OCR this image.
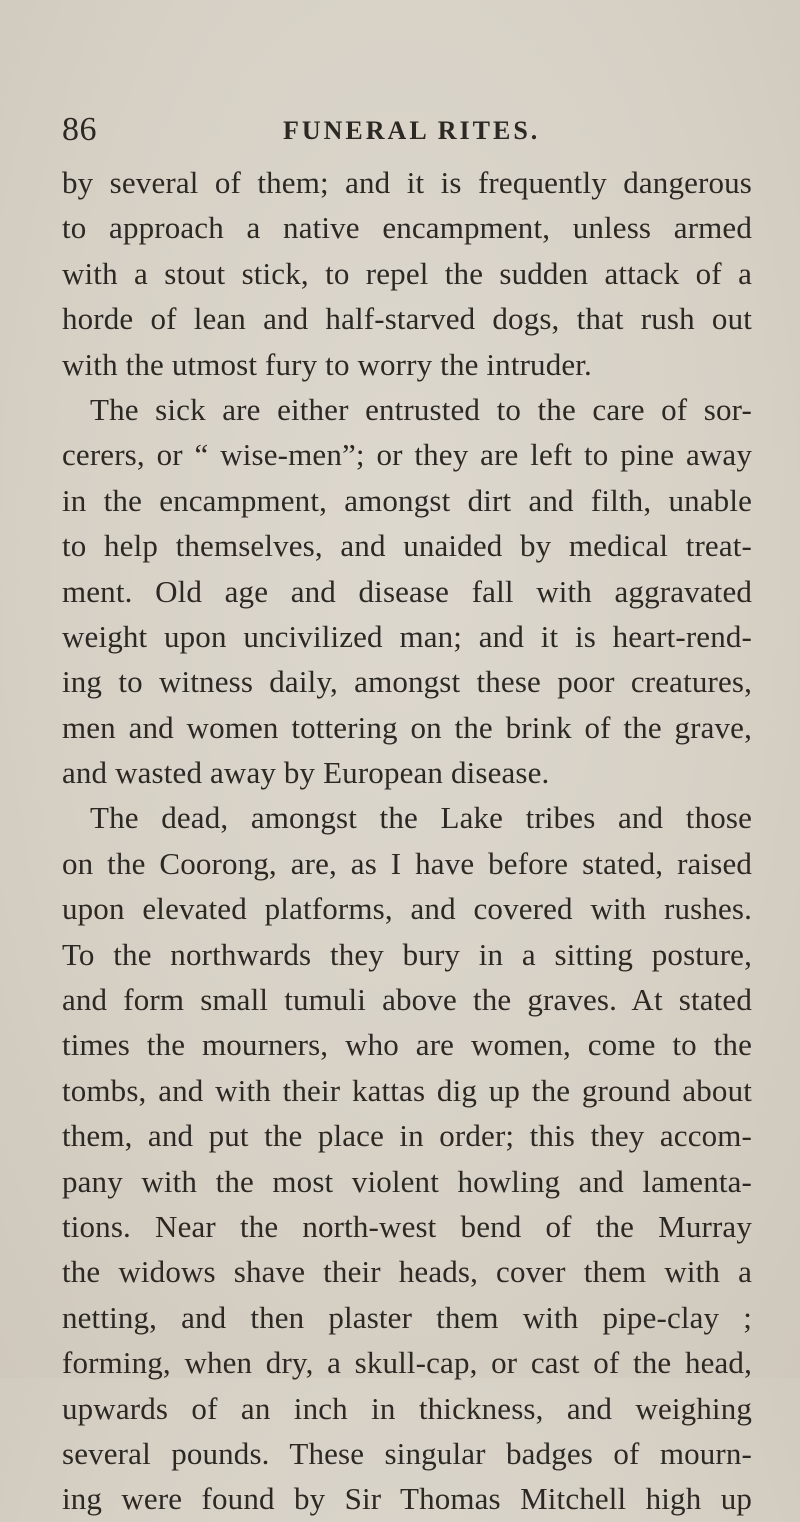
86	FUNERAL RITES.
by several of them; and it is frequently dangerous
to approach a native encampment, unless armed
with a stout stick, to repel the sudden attack of a
horde of lean and half-starved dogs, that rush out
with the utmost fury to worry the intruder.
The sick are either entrusted to the care of sor-
cerers, or “ wise-men”; or they are left to pine away
in the encampment, amongst dirt and filth, unable
to help themselves, and unaided by medical treat-
ment. Old age and disease fall with aggravated
weight upon uncivilized man; and it is heart-rend-
ing to witness daily, amongst these poor creatures,
men and women tottering on the brink of the grave,
and wasted away by European disease.
The dead, amongst the Lake tribes and those
on the Coorong, are, as I have before stated, raised
upon elevated platforms, and covered with rushes.
To the northwards they bury in a sitting posture,
and form small tumuli above the graves. At stated
times the mourners, who are women, come to the
tombs, and with their kattas dig up the ground about
them, and put the place in order; this they accom-
pany with the most violent howling and lamenta-
tions. Near the north-west bend of the Murray
the widows shave their heads, cover them with a
netting, and then plaster them with pipe-clay ;
forming, when dry, a skull-cap, or cast of the head,
upwards of an inch in thickness, and weighing
several pounds. These singular badges of mourn-
ing were found by Sir Thomas Mitchell high up
